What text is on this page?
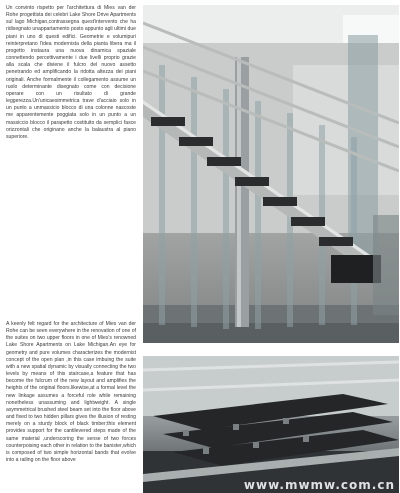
Un convinto rispetto per l'architettura di Mies van der Rohe progettista dei celebri Lake Shore Drive Apartments sul lago Michigan,contrassegna quest'intervento che ha ridisegnato unappartamento posto appunto agli ultimi due piani in uno di questi edifici. Geometrie e volumipuri reinterpretano l'idea modernista della pianta libera ma il progetto instaura una nuova dinamica spaziale connettendo percettivamente i due livelli proprio grazie alla scala che diviene il fulcro del nuovo assetto penetrando ed amplificando la ridotta altezza dei piani originali. Anche formalmente il collegamento assume un ruolo determinante disegnato come con decisione operare con un risultato di grande leggerezza.Un'unicaesimmetrica trave d'acciaio solo in un punto a unmassicio blocco di una colonne nascoste me apparentemente poggiata solo in un punto a un massiccio blocco il parapetto costituito da semplici fasce orizzontali che originano anche la balaustra al piano superiore.

A keenly felt regard for the architecture of Mies van der Rohe can be seen everywhere in the renovation of one of the suites on two upper floors in one of Mies's renowned Lake Shore Apartments on Lake Michigan.An eye for geometry and pure volumes characterizes the modernist concept of the open plan ,in this case imbuing the suite with a new spatial dynamic by visually connecting the two levels by means of this staircase,a feature that has become the fulcrum of the new layout and amplifies the heights of the original floors.likewise,at a formal level the new linkage assumes a forceful role while remaining nonetheless unassuming and lightweight. A single asymmetrical brushed steel beam set into the floor above and fixed to two hidden pillars gives the illusion of resting merely on a sturdy block of black timber;this element provides support for the cantilevered steps made of the same material ,underscoring the sense of two forces counterpoising each other in relation to the banister,which is composed of two simple horizontal bands that evolve into a railing on the floor above

www.mwmw.com.cn
